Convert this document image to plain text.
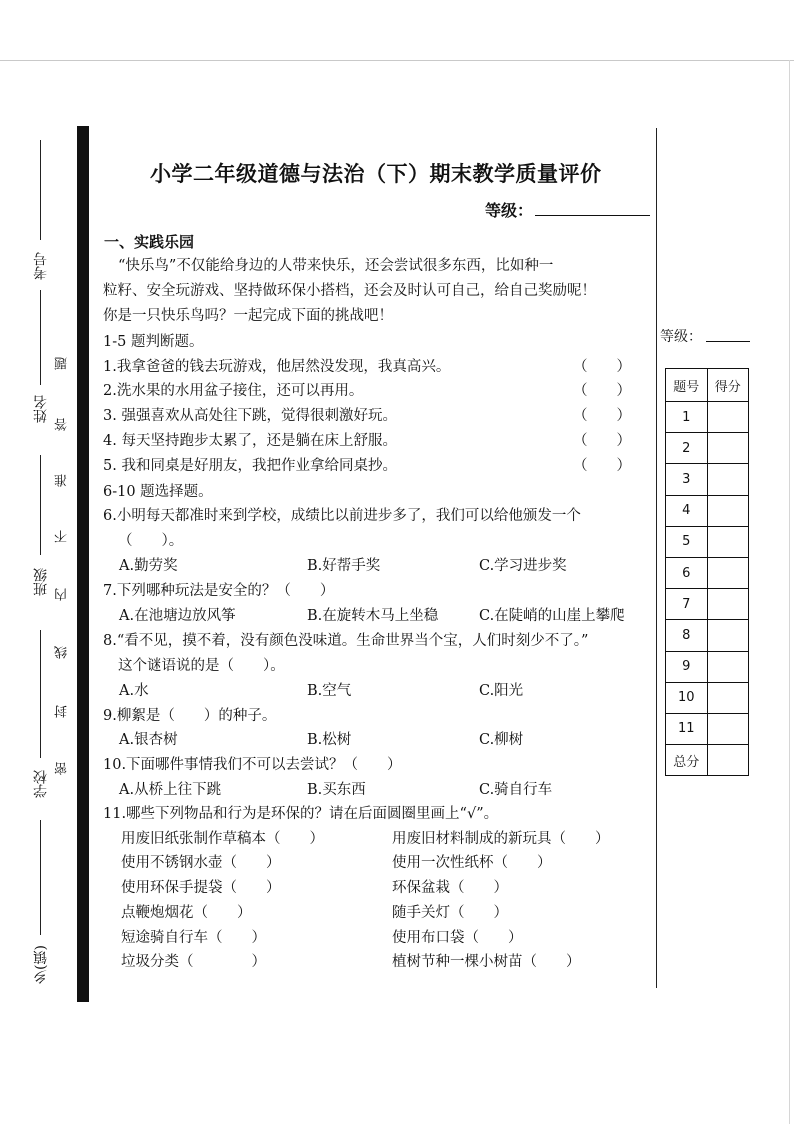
考号
姓名
班级
学校
乡(镇)
题
答
准
不
内
线
封
密
小学二年级道德与法治（下）期末教学质量评价
等级：
一、实践乐园
“快乐鸟”不仅能给身边的人带来快乐，还会尝试很多东西，比如种一
粒籽、安全玩游戏、坚持做环保小搭档，还会及时认可自己，给自己奖励呢！
你是一只快乐鸟吗？一起完成下面的挑战吧！
1-5 题判断题。
1.我拿爸爸的钱去玩游戏，他居然没发现，我真高兴。	（　　）
2.洗水果的水用盆子接住，还可以再用。	（　　）
3. 强强喜欢从高处往下跳，觉得很刺激好玩。	（　　）
4. 每天坚持跑步太累了，还是躺在床上舒服。	（　　）
5. 我和同桌是好朋友，我把作业拿给同桌抄。	（　　）
6-10 题选择题。
6.小明每天都准时来到学校，成绩比以前进步多了，我们可以给他颁发一个
（　　）。
A.勤劳奖	B.好帮手奖	C.学习进步奖
7.下列哪种玩法是安全的？（　　）
A.在池塘边放风筝	B.在旋转木马上坐稳	C.在陡峭的山崖上攀爬
8.“看不见，摸不着，没有颜色没味道。生命世界当个宝，人们时刻少不了。”
这个谜语说的是（　　）。
A.水	B.空气	C.阳光
9.柳絮是（　　）的种子。
A.银杏树	B.松树	C.柳树
10.下面哪件事情我们不可以去尝试？（　　）
A.从桥上往下跳	B.买东西	C.骑自行车
11.哪些下列物品和行为是环保的？请在后面圆圈里画上“√”。
用废旧纸张制作草稿本（　　）	用废旧材料制成的新玩具（　　）
使用不锈钢水壶（　　）	使用一次性纸杯（　　）
使用环保手提袋（　　）	环保盆栽（　　）
点鞭炮烟花（　　）	随手关灯（　　）
短途骑自行车（　　）	使用布口袋（　　）
垃圾分类（　　　　）	植树节种一棵小树苗（　　）
等级：
题号	得分
1	
2	
3	
4	
5	
6	
7	
8	
9	
10	
11	
总分	
